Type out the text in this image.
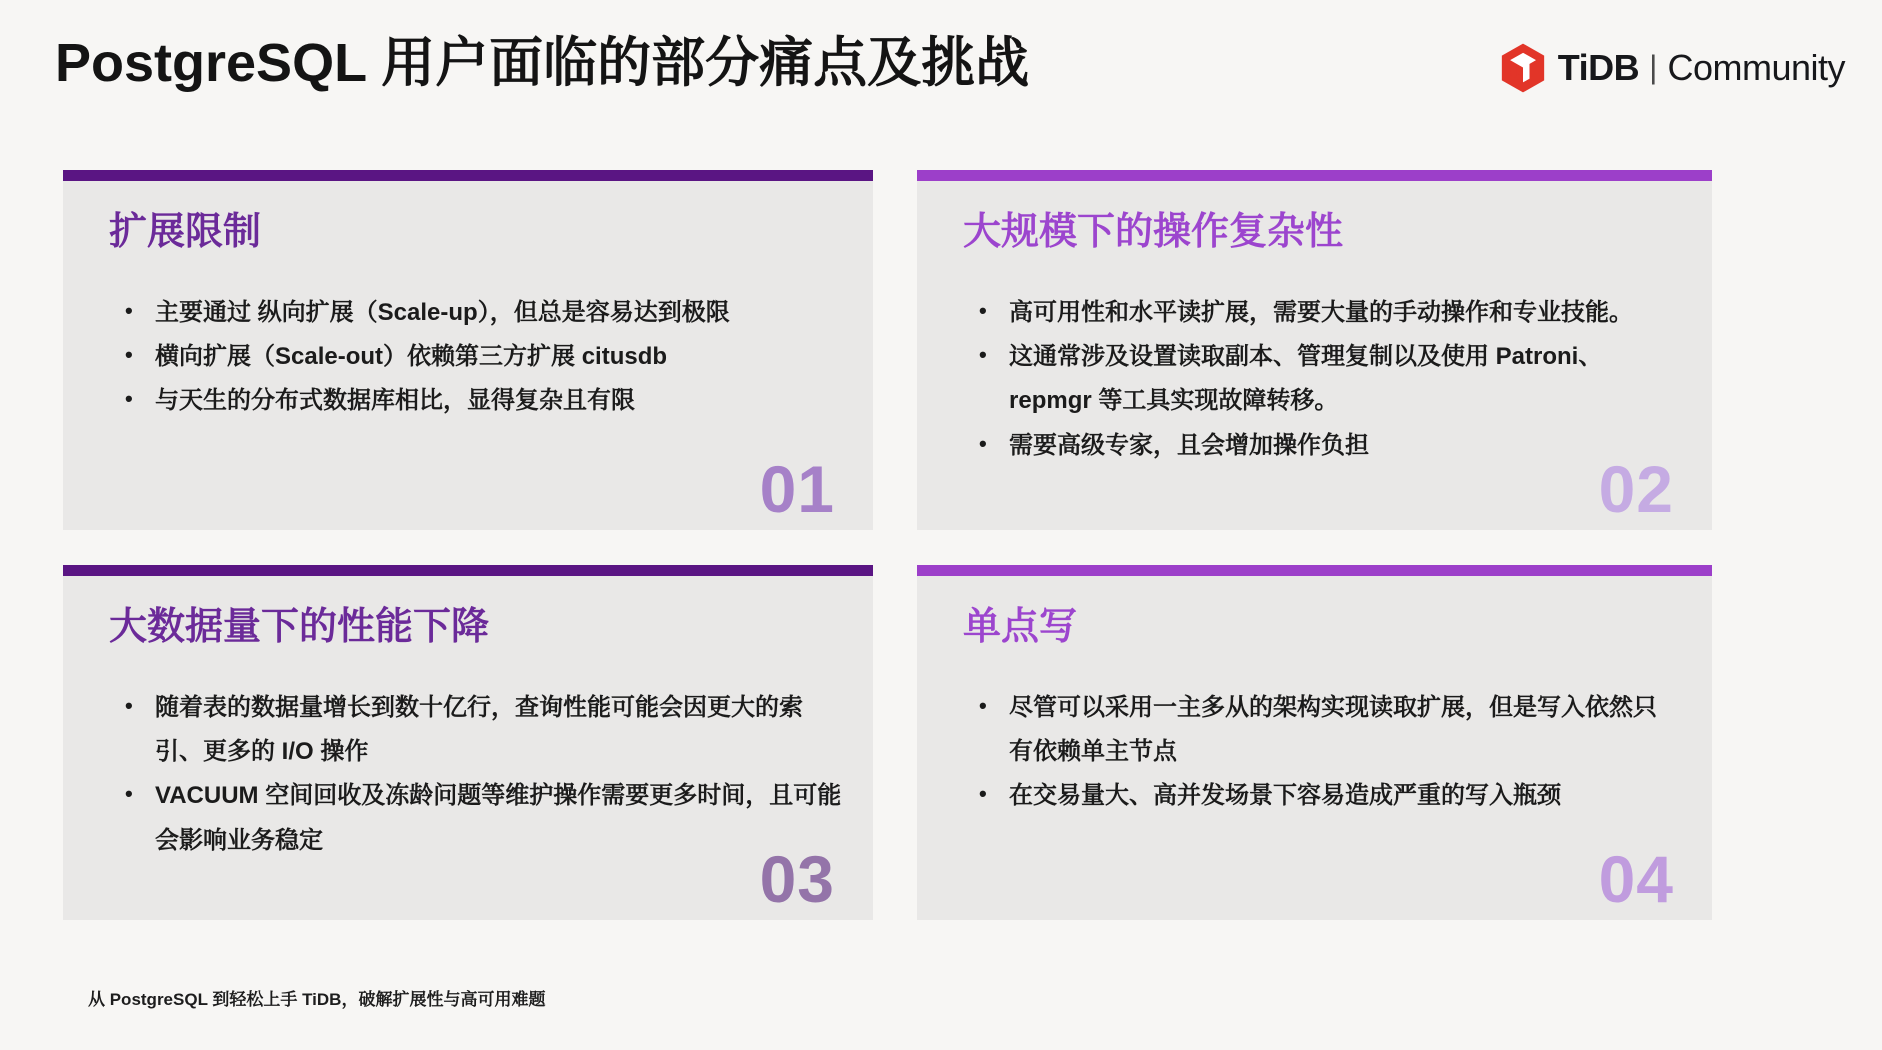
PostgreSQL 用户面临的部分痛点及挑战	TiDB | Community
扩展限制
• 主要通过 纵向扩展（Scale-up），但总是容易达到极限
• 横向扩展（Scale-out）依赖第三方扩展 citusdb
• 与天生的分布式数据库相比，显得复杂且有限
01
大规模下的操作复杂性
• 高可用性和水平读扩展，需要大量的手动操作和专业技能。
• 这通常涉及设置读取副本、管理复制以及使用 Patroni、repmgr 等工具实现故障转移。
• 需要高级专家，且会增加操作负担
02
大数据量下的性能下降
• 随着表的数据量增长到数十亿行，查询性能可能会因更大的索引、更多的 I/O 操作
• VACUUM 空间回收及冻龄问题等维护操作需要更多时间，且可能会影响业务稳定
03
单点写
• 尽管可以采用一主多从的架构实现读取扩展，但是写入依然只有依赖单主节点
• 在交易量大、高并发场景下容易造成严重的写入瓶颈
04
从 PostgreSQL 到轻松上手 TiDB，破解扩展性与高可用难题
